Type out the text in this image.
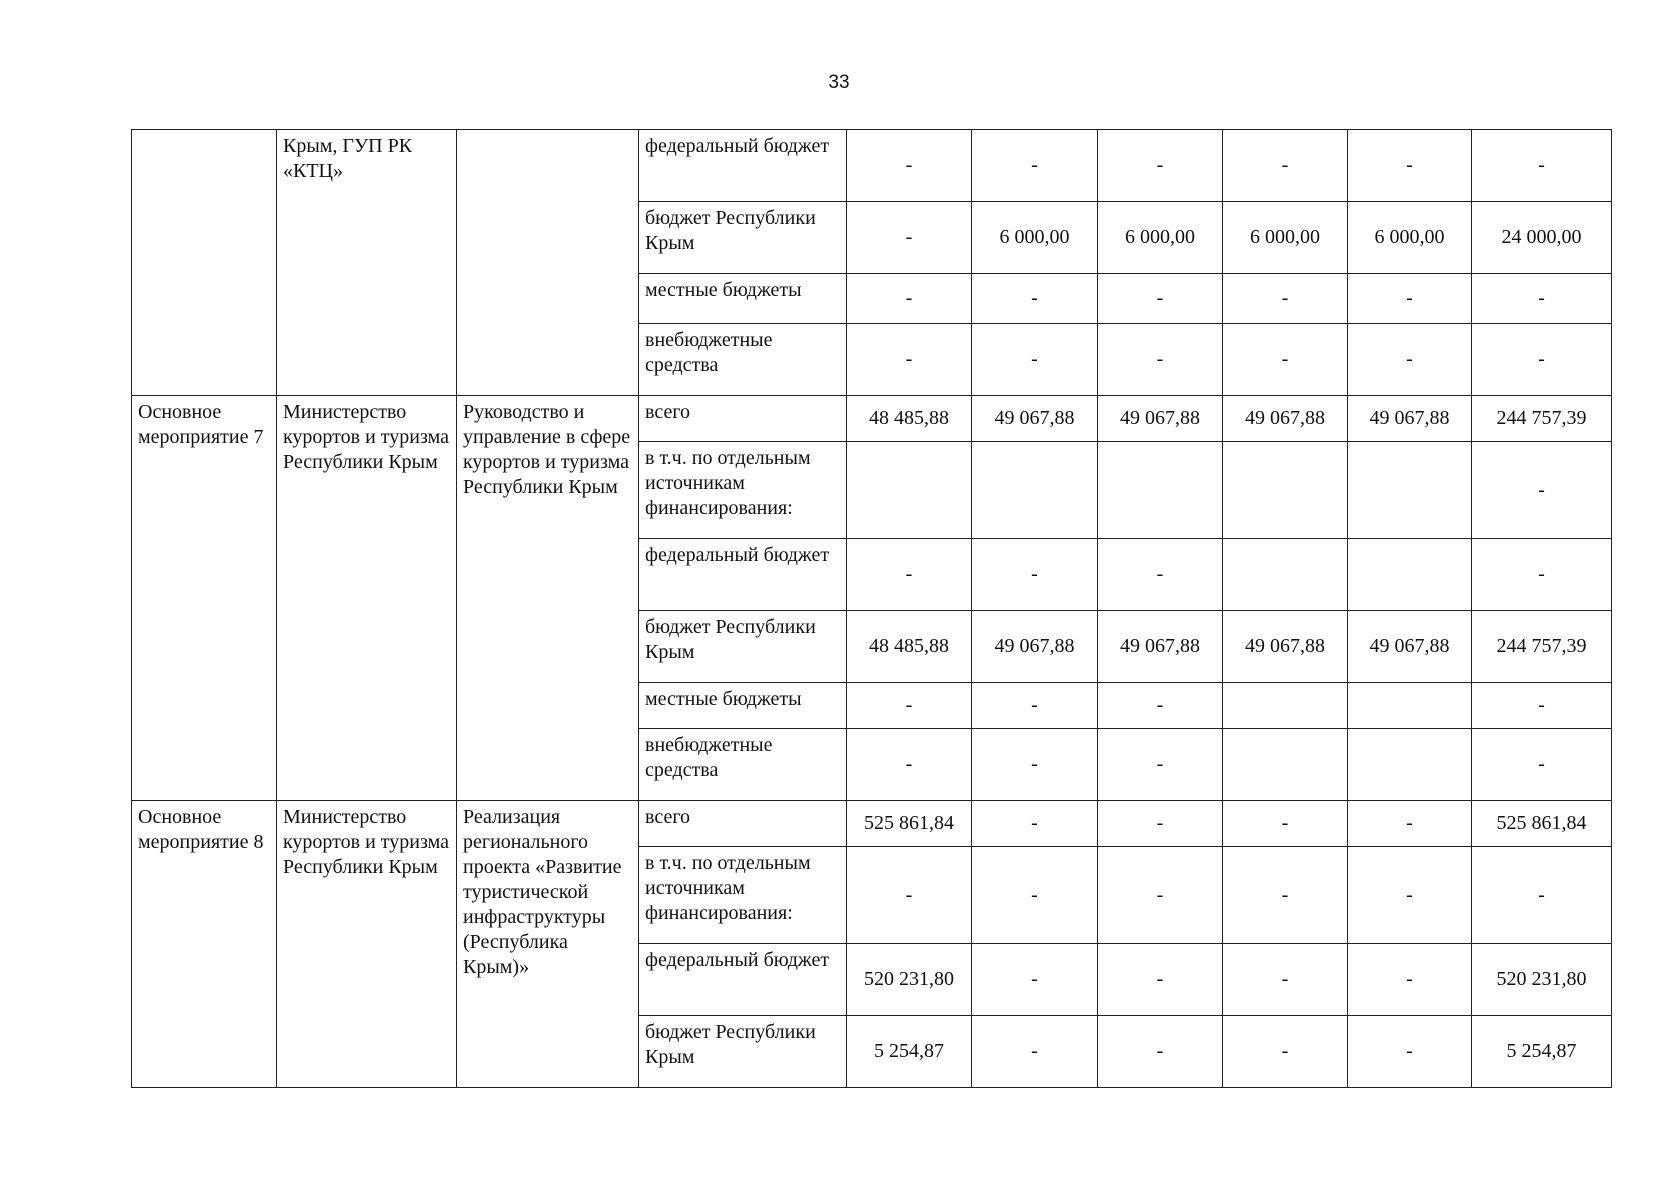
33
	Крым, ГУП РК «КТЦ»		федеральный бюджет	-	-	-	-	-	-
			бюджет Республики Крым	-	6 000,00	6 000,00	6 000,00	6 000,00	24 000,00
			местные бюджеты	-	-	-	-	-	-
			внебюджетные средства	-	-	-	-	-	-
Основное мероприятие 7	Министерство курортов и туризма Республики Крым	Руководство и управление в сфере курортов и туризма Республики Крым	всего	48 485,88	49 067,88	49 067,88	49 067,88	49 067,88	244 757,39
			в т.ч. по отдельным источникам финансирования:						-
			федеральный бюджет	-	-	-			-
			бюджет Республики Крым	48 485,88	49 067,88	49 067,88	49 067,88	49 067,88	244 757,39
			местные бюджеты	-	-	-			-
			внебюджетные средства	-	-	-			-
Основное мероприятие 8	Министерство курортов и туризма Республики Крым	Реализация регионального проекта «Развитие туристической инфраструктуры (Республика Крым)»	всего	525 861,84	-	-	-	-	525 861,84
			в т.ч. по отдельным источникам финансирования:	-	-	-	-	-	-
			федеральный бюджет	520 231,80	-	-	-	-	520 231,80
			бюджет Республики Крым	5 254,87	-	-	-	-	5 254,87
